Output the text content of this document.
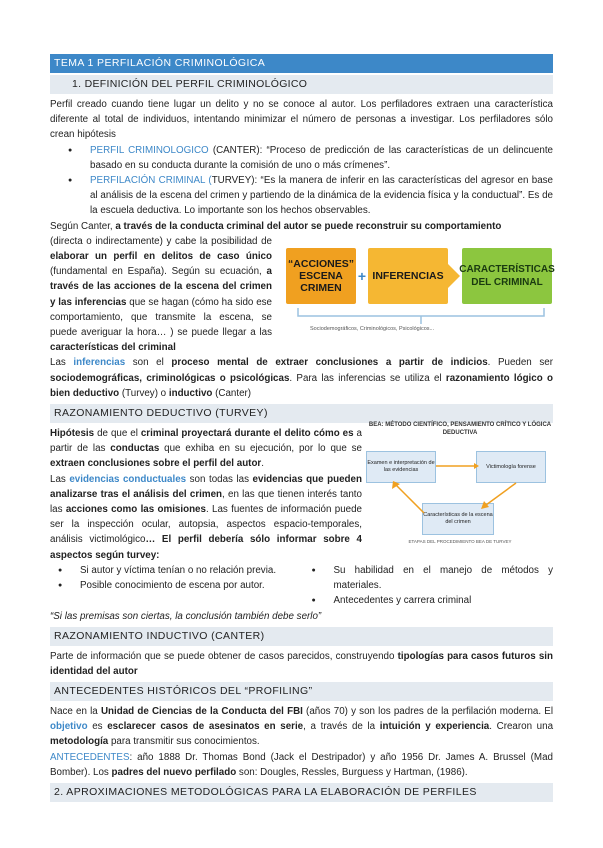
TEMA 1 PERFILACIÓN CRIMINOLÓGICA
1. DEFINICIÓN DEL PERFIL CRIMINOLÓGICO

Perfil creado cuando tiene lugar un delito y no se conoce al autor. Los perfiladores extraen una característica diferente al total de individuos, intentando minimizar el número de personas a investigar. Los perfiladores sólo crean hipótesis

● PERFIL CRIMINOLOGICO (CANTER): “Proceso de predicción de las características de un delincuente basado en su conducta durante la comisión de uno o más crímenes”.
● PERFILACIÓN CRIMINAL (TURVEY): “Es la manera de inferir en las características del agresor en base al análisis de la escena del crimen y partiendo de la dinámica de la evidencia física y la conductual”. Es de la escuela deductiva. Lo importante son los hechos observables.

Según Canter, a través de la conducta criminal del autor se puede reconstruir su comportamiento

(directa o indirectamente) y cabe la posibilidad de elaborar un perfil en delitos de caso único (fundamental en España). Según su ecuación, a través de las acciones de la escena del crimen y las inferencias que se hagan (cómo ha sido ese comportamiento, que transmite la escena, se puede averiguar la hora… ) se puede llegar a las características del criminal

Las inferencias son el proceso mental de extraer conclusiones a partir de indicios. Pueden ser sociodemográficas, criminológicas o psicológicas. Para las inferencias se utiliza el razonamiento lógico o bien deductivo (Turvey) o inductivo (Canter)

RAZONAMIENTO DEDUCTIVO (TURVEY)

Hipótesis de que el criminal proyectará durante el delito cómo es a partir de las conductas que exhiba en su ejecución, por lo que se extraen conclusiones sobre el perfil del autor.

Las evidencias conductuales son todas las evidencias que pueden analizarse tras el análisis del crimen, en las que tienen interés tanto las acciones como las omisiones. Las fuentes de información puede ser la inspección ocular, autopsia, aspectos espacio-temporales, análisis victimológico… El perfil debería sólo informar sobre 4 aspectos según turvey:

● Si autor y víctima tenían o no relación previa.
● Posible conocimiento de escena por autor.
● Su habilidad en el manejo de métodos y materiales.
● Antecedentes y carrera criminal
“Si las premisas son ciertas, la conclusión también debe serlo”
RAZONAMIENTO INDUCTIVO (CANTER)

Parte de información que se puede obtener de casos parecidos, construyendo tipologías para casos futuros sin identidad del autor

ANTECEDENTES HISTÓRICOS DEL “PROFILING”

Nace en la Unidad de Ciencias de la Conducta del FBI (años 70) y son los padres de la perfilación moderna. El objetivo es esclarecer casos de asesinatos en serie, a través de la intuición y experiencia. Crearon una metodología para transmitir sus conocimientos.

ANTECEDENTES: año 1888 Dr. Thomas Bond (Jack el Destripador) y año 1956 Dr. James A. Brussel (Mad Bomber). Los padres del nuevo perfilado son: Dougles, Ressles, Burguess y Hartman, (1986).

2. APROXIMACIONES METODOLÓGICAS PARA LA ELABORACIÓN DE PERFILES
“ACCIONES” ESCENA CRIMEN
+ INFERENCIAS
CARACTERÍSTICAS DEL CRIMINAL
Sociodemográficos, Criminológicos, Psicológicos...
BEA: MÉTODO CIENTÍFICO, PENSAMIENTO CRÍTICO Y LÓGICA DEDUCTIVA
Examen e interpretación de las evidencias
Victimología forense
Características de la escena del crimen
ETAPAS DEL PROCEDIMIENTO BEA DE TURVEY
